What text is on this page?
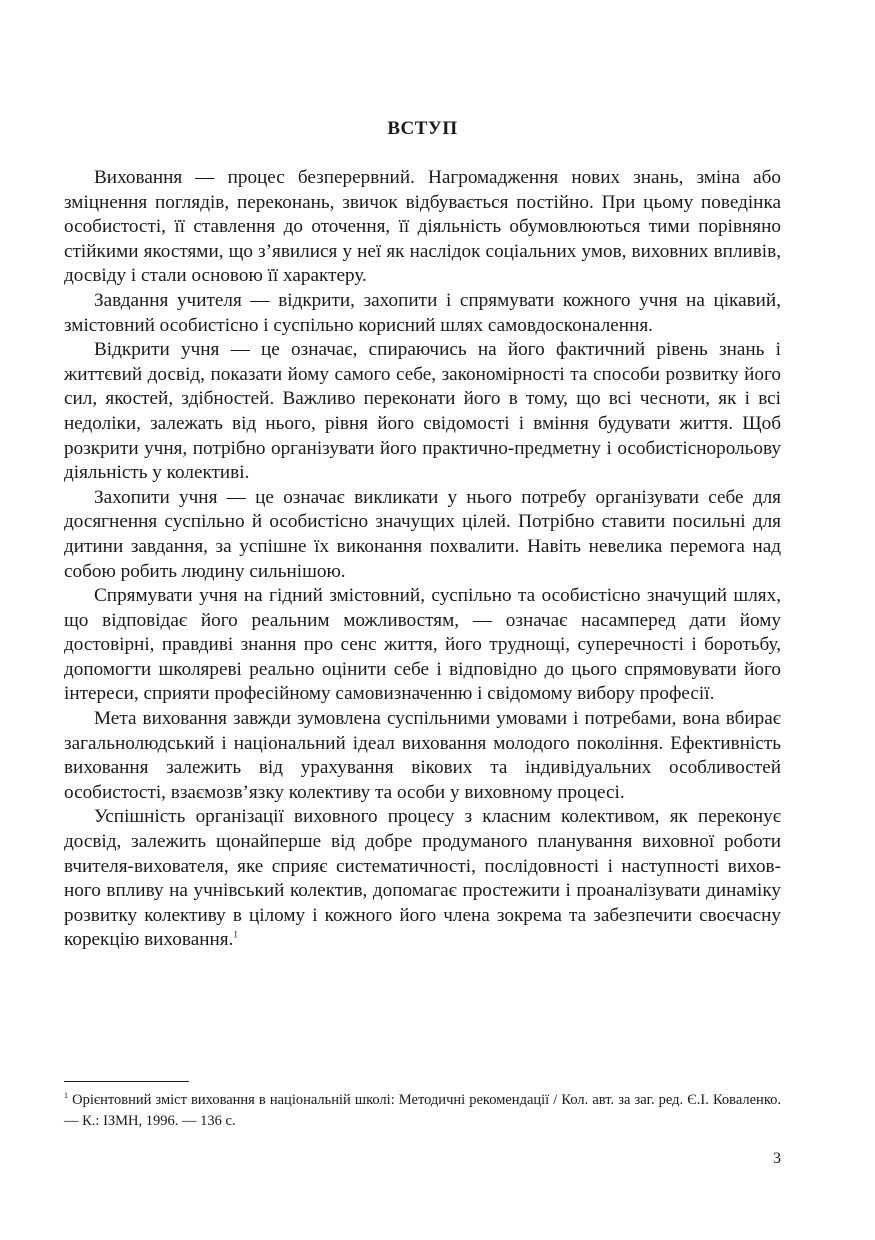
ВСТУП

Виховання — процес безперервний. Нагромадження нових знань, зміна або зміцнення поглядів, переконань, звичок відбувається постійно. При цьому поведінка особистості, її ставлення до оточення, її діяльність обумовлюються тими порівняно стійкими якостями, що з’явилися у неї як наслідок соціальних умов, виховних впливів, досвіду і стали основою її характеру.

Завдання учителя — відкрити, захопити і спрямувати кожного учня на цікавий, змістовний особистісно і суспільно корисний шлях самовдосконалення.

Відкрити учня — це означає, спираючись на його фактичний рівень знань і життєвий досвід, показати йому самого себе, закономірності та способи розвитку його сил, якостей, здібностей. Важливо переконати його в тому, що всі чесноти, як і всі недоліки, залежать від нього, рівня його свідомості і вміння будувати життя. Щоб розкрити учня, потрібно організувати його практично-предметну і особистіснорольову діяльність у колективі.

Захопити учня — це означає викликати у нього потребу організувати себе для досягнення суспільно й особистісно значущих цілей. Потрібно ставити посильні для дитини завдання, за успішне їх виконання похвалити. Навіть невелика перемога над собою робить людину сильнішою.

Спрямувати учня на гідний змістовний, суспільно та особистісно значущий шлях, що відповідає його реальним можливостям, — означає насамперед дати йому достовірні, правдиві знання про сенс життя, його труднощі, суперечності і боротьбу, допомогти школяреві реально оцінити себе і відповідно до цього спрямовувати його інтереси, сприяти професійному самовизначенню і свідомому вибору професії.

Мета виховання завжди зумовлена суспільними умовами і потребами, вона вбирає загальнолюдський і національний ідеал виховання молодого покоління. Ефективність виховання залежить від урахування вікових та індивідуальних особливостей особистості, взаємозв’язку колективу та особи у виховному процесі.

Успішність організації виховного процесу з класним колективом, як переконує досвід, залежить щонайперше від добре продуманого планування виховної роботи вчителя-вихователя, яке сприяє систематичності, послідовності і наступності виховного впливу на учнівський колектив, допомагає простежити і проаналізувати динаміку розвитку колективу в цілому і кожного його члена зокрема та забезпечити своєчасну корекцію виховання.$^1$

$^1$ Орієнтовний зміст виховання в національній школі: Методичні рекомендації / Кол. авт. за заг. ред. Є.І. Коваленко. — К.: ІЗМН, 1996. — 136 с.

3
